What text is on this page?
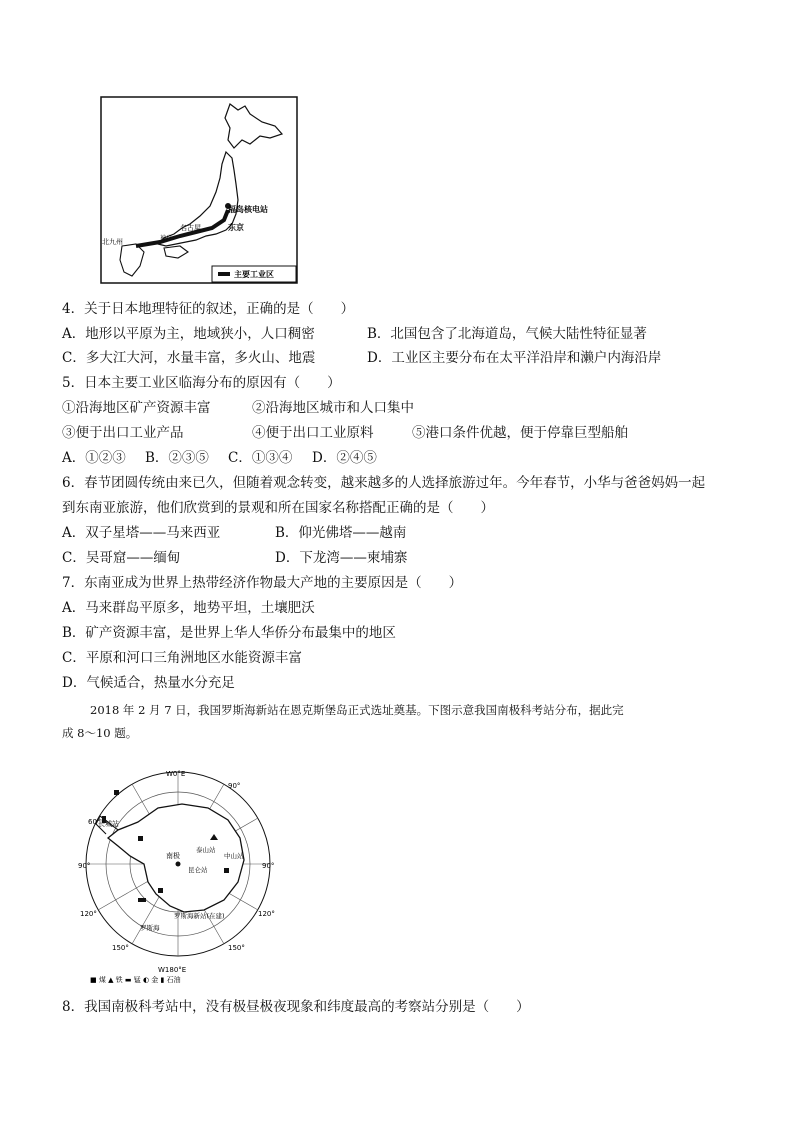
福岛核电站
东京
名古屋
神户
北九州
主要工业区
4．关于日本地理特征的叙述，正确的是（　　）
A．地形以平原为主，地域狭小，人口稠密	B．北国包含了北海道岛，气候大陆性特征显著
C．多大江大河，水量丰富，多火山、地震	D．工业区主要分布在太平洋沿岸和濑户内海沿岸
5．日本主要工业区临海分布的原因有（　　）
①沿海地区矿产资源丰富	②沿海地区城市和人口集中
③便于出口工业产品	④便于出口工业原料	⑤港口条件优越，便于停靠巨型船舶
A．①②③ B．②③⑤ C．①③④ D．②④⑤
6．春节团圆传统由来已久，但随着观念转变，越来越多的人选择旅游过年。今年春节，小华与爸爸妈妈一起
到东南亚旅游，他们欣赏到的景观和所在国家名称搭配正确的是（　　）
A．双子星塔——马来西亚	B．仰光佛塔——越南
C．吴哥窟——缅甸	D．下龙湾——柬埔寨
7．东南亚成为世界上热带经济作物最大产地的主要原因是（　　）
A．马来群岛平原多，地势平坦，土壤肥沃
B．矿产资源丰富，是世界上华人华侨分布最集中的地区
C．平原和河口三角洲地区水能资源丰富
D．气候适合，热量水分充足
2018 年 2 月 7 日，我国罗斯海新站在恩克斯堡岛正式选址奠基。下图示意我国南极科考站分布，据此完
成 8～10 题。
W0°E
W180°E
90°	90°
60°
90°
120°	120°
150°	150°
长城站
南极
泰山站
中山站
昆仑站
罗斯海新站(在建)
罗斯海
■ 煤 ▲ 铁 ▬ 锰 ◐ 金 ▮ 石油
8．我国南极科考站中，没有极昼极夜现象和纬度最高的考察站分别是（　　）
